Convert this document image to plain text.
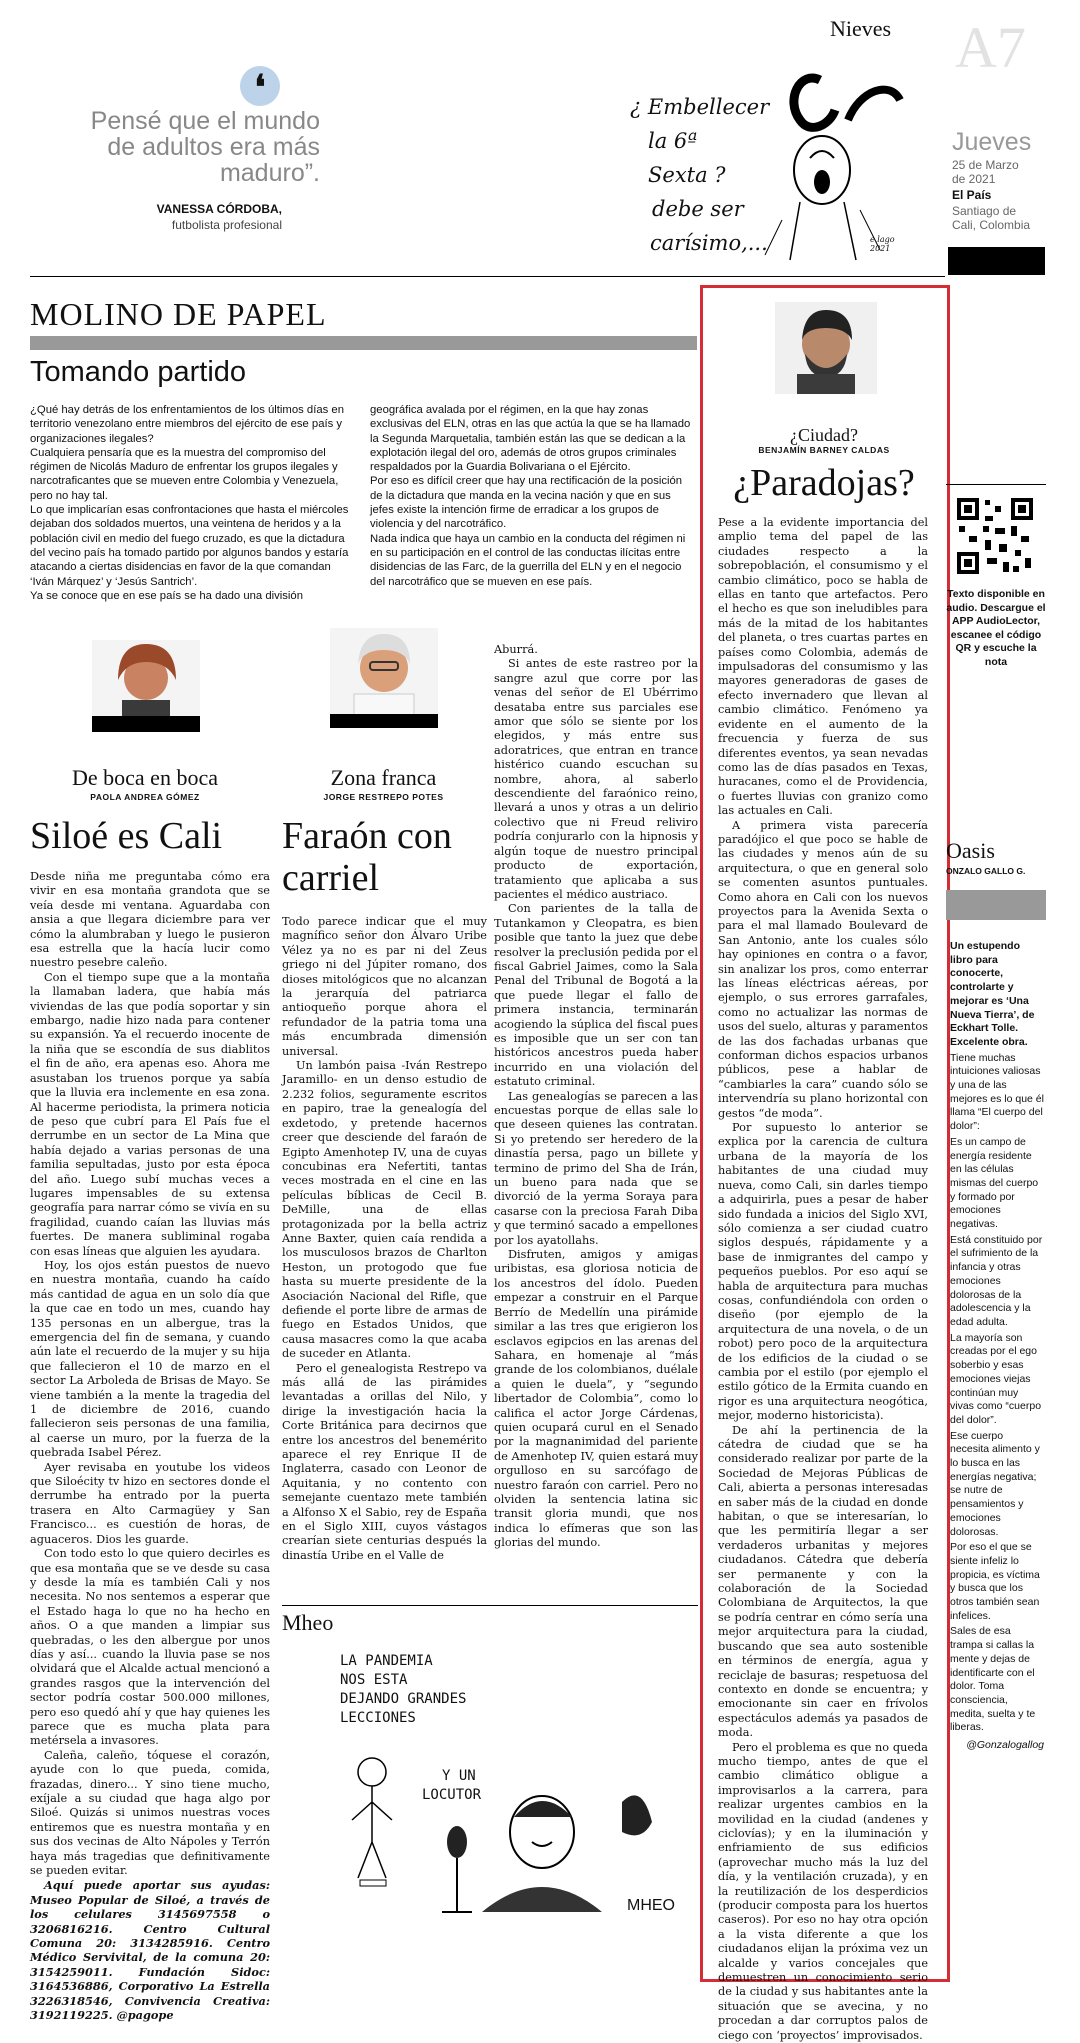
❛
Pensé que el mundo de adultos era más maduro”.
VANESSA CÓRDOBA,
futbolista profesional
Nieves
¿ Embellecer
la 6ª
Sexta ?
debe ser
carísimo,...	e.lago 2021
A7
Jueves
25 de Marzo de 2021
El País
Santiago de Cali, Colombia
MOLINO DE PAPEL
Tomando partido

¿Qué hay detrás de los enfrentamientos de los últimos días en territorio venezolano entre miembros del ejército de ese país y organizaciones ilegales?

Cualquiera pensaría que es la muestra del compromiso del régimen de Nicolás Maduro de enfrentar los grupos ilegales y narcotraficantes que se mueven entre Colombia y Venezuela, pero no hay tal.

Lo que implicarían esas confrontaciones que hasta el miércoles dejaban dos soldados muertos, una veintena de heridos y a la población civil en medio del fuego cruzado, es que la dictadura del vecino país ha tomado partido por algunos bandos y estaría atacando a ciertas disidencias en favor de la que comandan ‘Iván Márquez’ y ‘Jesús Santrich’.

Ya se conoce que en ese país se ha dado una división

geográfica avalada por el régimen, en la que hay zonas exclusivas del ELN, otras en las que actúa la que se ha llamado la Segunda Marquetalia, también están las que se dedican a la explotación ilegal del oro, además de otros grupos criminales respaldados por la Guardia Bolivariana o el Ejército.

Por eso es difícil creer que hay una rectificación de la posición de la dictadura que manda en la vecina nación y que en sus jefes existe la intención firme de erradicar a los grupos de violencia y del narcotráfico.

Nada indica que haya un cambio en la conducta del régimen ni en su participación en el control de las conductas ilícitas entre disidencias de las Farc, de la guerrilla del ELN y en el negocio del narcotráfico que se mueven en ese país.

De boca en boca
PAOLA ANDREA GÓMEZ
Siloé es Cali

Desde niña me preguntaba cómo era vivir en esa montaña grandota que se veía desde mi ventana. Aguardaba con ansia a que llegara diciembre para ver cómo la alumbraban y luego le pusieron esa estrella que la hacía lucir como nuestro pesebre caleño.

Con el tiempo supe que a la montaña la llamaban ladera, que había más viviendas de las que podía soportar y sin embargo, nadie hizo nada para contener su expansión. Ya el recuerdo inocente de la niña que se escondía de sus diablitos el fin de año, era apenas eso. Ahora me asustaban los truenos porque ya sabía que la lluvia era inclemente en esa zona. Al hacerme periodista, la primera noticia de peso que cubrí para El País fue el derrumbe en un sector de La Mina que había dejado a varias personas de una familia sepultadas, justo por esta época del año. Luego subí muchas veces a lugares impensables de su extensa geografía para narrar cómo se vivía en su fragilidad, cuando caían las lluvias más fuertes. De manera subliminal rogaba con esas líneas que alguien les ayudara.

Hoy, los ojos están puestos de nuevo en nuestra montaña, cuando ha caído más cantidad de agua en un solo día que la que cae en todo un mes, cuando hay 135 personas en un albergue, tras la emergencia del fin de semana, y cuando aún late el recuerdo de la mujer y su hija que fallecieron el 10 de marzo en el sector La Arboleda de Brisas de Mayo. Se viene también a la mente la tragedia del 1 de diciembre de 2016, cuando fallecieron seis personas de una familia, al caerse un muro, por la fuerza de la quebrada Isabel Pérez.

Ayer revisaba en youtube los videos que Siloécity tv hizo en sectores donde el derrumbe ha entrado por la puerta trasera en Alto Carmagüey y San Francisco... es cuestión de horas, de aguaceros. Dios les guarde.

Con todo esto lo que quiero decirles es que esa montaña que se ve desde su casa y desde la mía es también Cali y nos necesita. No nos sentemos a esperar que el Estado haga lo que no ha hecho en años. O a que manden a limpiar sus quebradas, o les den albergue por unos días y así... cuando la lluvia pase se nos olvidará que el Alcalde actual mencionó a grandes rasgos que la intervención del sector podría costar 500.000 millones, pero eso quedó ahí y que hay quienes les parece que es mucha plata para metérsela a invasores.

Caleña, caleño, tóquese el corazón, ayude con lo que pueda, comida, frazadas, dinero... Y sino tiene mucho, exíjale a su ciudad que haga algo por Siloé. Quizás si unimos nuestras voces entiremos que es nuestra montaña y en sus dos vecinas de Alto Nápoles y Terrón haya más tragedias que definitivamente se pueden evitar.

Aquí puede aportar sus ayudas: Museo Popular de Siloé, a través de los celulares 3145697558 o 3206816216. Centro Cultural Comuna 20: 3134285916. Centro Médico Servivital, de la comuna 20: 3154259011. Fundación Sidoc: 3164536886, Corporativo La Estrella 3226318546, Convivencia Creativa: 3192119225. @pagope

Zona franca
JORGE RESTREPO POTES
Faraón con carriel

Todo parece indicar que el muy magnífico señor don Álvaro Uribe Vélez ya no es par ni del Zeus griego ni del Júpiter romano, dos dioses mitológicos que no alcanzan la jerarquía del patriarca antioqueño porque ahora el refundador de la patria toma una más encumbrada dimensión universal.

Un lambón paisa -Iván Restrepo Jaramillo- en un denso estudio de 2.232 folios, seguramente escritos en papiro, trae la genealogía del exdetodo, y pretende hacernos creer que desciende del faraón de Egipto Amenhotep IV, una de cuyas concubinas era Nefertiti, tantas veces mostrada en el cine en las películas bíblicas de Cecil B. DeMille, una de ellas protagonizada por la bella actriz Anne Baxter, quien caía rendida a los musculosos brazos de Charlton Heston, un protogodo que fue hasta su muerte presidente de la Asociación Nacional del Rifle, que defiende el porte libre de armas de fuego en Estados Unidos, que causa masacres como la que acaba de suceder en Atlanta.

Pero el genealogista Restrepo va más allá de las pirámides levantadas a orillas del Nilo, y dirige la investigación hacia la Corte Británica para decirnos que entre los ancestros del benemérito aparece el rey Enrique II de Inglaterra, casado con Leonor de Aquitania, y no contento con semejante cuentazo mete también a Alfonso X el Sabio, rey de España en el Siglo XIII, cuyos vástagos crearían siete centurias después la dinastía Uribe en el Valle de

Aburrá.

Si antes de este rastreo por la sangre azul que corre por las venas del señor de El Ubérrimo desataba entre sus parciales ese amor que sólo se siente por los elegidos, y más entre sus adoratrices, que entran en trance histérico cuando escuchan su nombre, ahora, al saberlo descendiente del faraónico reino, llevará a unos y otras a un delirio colectivo que ni Freud reliviro podría conjurarlo con la hipnosis y algún toque de nuestro principal producto de exportación, tratamiento que aplicaba a sus pacientes el médico austriaco.

Con parientes de la talla de Tutankamon y Cleopatra, es bien posible que tanto la juez que debe resolver la preclusión pedida por el fiscal Gabriel Jaimes, como la Sala Penal del Tribunal de Bogotá a la que puede llegar el fallo de primera instancia, terminarán acogiendo la súplica del fiscal pues es imposible que un ser con tan históricos ancestros pueda haber incurrido en una violación del estatuto criminal.

Las genealogías se parecen a las encuestas porque de ellas sale lo que deseen quienes las contratan. Si yo pretendo ser heredero de la dinastía persa, pago un billete y termino de primo del Sha de Irán, un bueno para nada que se divorció de la yerma Soraya para casarse con la preciosa Farah Diba y que terminó sacado a empellones por los ayatollahs.

Disfruten, amigos y amigas uribistas, esa gloriosa noticia de los ancestros del ídolo. Pueden empezar a construir en el Parque Berrío de Medellín una pirámide similar a las tres que erigieron los esclavos egipcios en las arenas del Sahara, en homenaje al “más grande de los colombianos, duélale a quien le duela”, y “segundo libertador de Colombia”, como lo califica el actor Jorge Cárdenas, quien ocupará curul en el Senado por la magnanimidad del pariente de Amenhotep IV, quien estará muy orgulloso en su sarcófago de nuestro faraón con carriel. Pero no olviden la sentencia latina sic transit gloria mundi, que nos indica lo efímeras que son las glorias del mundo.

Mheo
LA PANDEMIA
NOS ESTA
DEJANDO GRANDES
LECCIONES
Y UN
LOCUTOR
MHEO
¿Ciudad?
BENJAMÍN BARNEY CALDAS
¿Paradojas?

Pese a la evidente importancia del amplio tema del papel de las ciudades respecto a la sobrepoblación, el consumismo y el cambio climático, poco se habla de ellas en tanto que artefactos. Pero el hecho es que son ineludibles para más de la mitad de los habitantes del planeta, o tres cuartas partes en países como Colombia, además de impulsadoras del consumismo y las mayores generadoras de gases de efecto invernadero que llevan al cambio climático. Fenómeno ya evidente en el aumento de la frecuencia y fuerza de sus diferentes eventos, ya sean nevadas como las de días pasados en Texas, huracanes, como el de Providencia, o fuertes lluvias con granizo como las actuales en Cali.

A primera vista parecería paradójico el que poco se hable de las ciudades y menos aún de su arquitectura, o que en general solo se comenten asuntos puntuales. Como ahora en Cali con los nuevos proyectos para la Avenida Sexta o para el mal llamado Boulevard de San Antonio, ante los cuales sólo hay opiniones en contra o a favor, sin analizar los pros, como enterrar las líneas eléctricas aéreas, por ejemplo, o sus errores garrafales, como no actualizar las normas de usos del suelo, alturas y paramentos de las dos fachadas urbanas que conforman dichos espacios urbanos públicos, pese a hablar de “cambiarles la cara” cuando sólo se intervendría su plano horizontal con gestos “de moda”.

Por supuesto lo anterior se explica por la carencia de cultura urbana de la mayoría de los habitantes de una ciudad muy nueva, como Cali, sin darles tiempo a adquirirla, pues a pesar de haber sido fundada a inicios del Siglo XVI, sólo comienza a ser ciudad cuatro siglos después, rápidamente y a base de inmigrantes del campo y pequeños pueblos. Por eso aquí se habla de arquitectura para muchas cosas, confundiéndola con orden o diseño (por ejemplo de la arquitectura de una novela, o de un robot) pero poco de la arquitectura de los edificios de la ciudad o se cambia por el estilo (por ejemplo el estilo gótico de la Ermita cuando en rigor es una arquitectura neogótica, mejor, moderno historicista).

De ahí la pertinencia de la cátedra de ciudad que se ha considerado realizar por parte de la Sociedad de Mejoras Públicas de Cali, abierta a personas interesadas en saber más de la ciudad en donde habitan, o que se interesarían, lo que les permitiría llegar a ser verdaderos urbanitas y mejores ciudadanos. Cátedra que debería ser permanente y con la colaboración de la Sociedad Colombiana de Arquitectos, la que se podría centrar en cómo sería una mejor arquitectura para la ciudad, buscando que sea auto sostenible en términos de energía, agua y reciclaje de basuras; respetuosa del contexto en donde se encuentra; y emocionante sin caer en frívolos espectáculos además ya pasados de moda.

Pero el problema es que no queda mucho tiempo, antes de que el cambio climático obligue a improvisarlos a la carrera, para realizar urgentes cambios en la movilidad en la ciudad (andenes y ciclovías); y en la iluminación y enfriamiento de sus edificios (aprovechar mucho más la luz del día, y la ventilación cruzada), y en la reutilización de los desperdicios (producir composta para los huertos caseros). Por eso no hay otra opción a la vista diferente a que los ciudadanos elijan la próxima vez un alcalde y varios concejales que demuestren un conocimiento serio de la ciudad y sus habitantes ante la situación que se avecina, y no procedan a dar corruptos palos de ciego con ‘proyectos’ improvisados.

Texto disponible en audio. Descargue el APP AudioLector, escanee el código QR y escuche la nota
Oasis
ONZALO GALLO G.

Un estupendo libro para conocerte, controlarte y mejorar es ‘Una Nueva Tierra’, de Eckhart Tolle. Excelente obra.

Tiene muchas intuiciones valiosas y una de las mejores es lo que él llama “El cuerpo del dolor”:

Es un campo de energía residente en las células mismas del cuerpo y formado por emociones negativas.

Está constituido por el sufrimiento de la infancia y otras emociones dolorosas de la adolescencia y la edad adulta.

La mayoría son creadas por el ego soberbio y esas emociones viejas continúan muy vivas como “cuerpo del dolor”.

Ese cuerpo necesita alimento y lo busca en las energías negativa; se nutre de pensamientos y emociones dolorosas.

Por eso el que se siente infeliz lo propicia, es víctima y busca que los otros también sean infelices.

Sales de esa trampa si callas la mente y dejas de identificarte con el dolor. Toma consciencia, medita, suelta y te liberas.

@Gonzalogallog
